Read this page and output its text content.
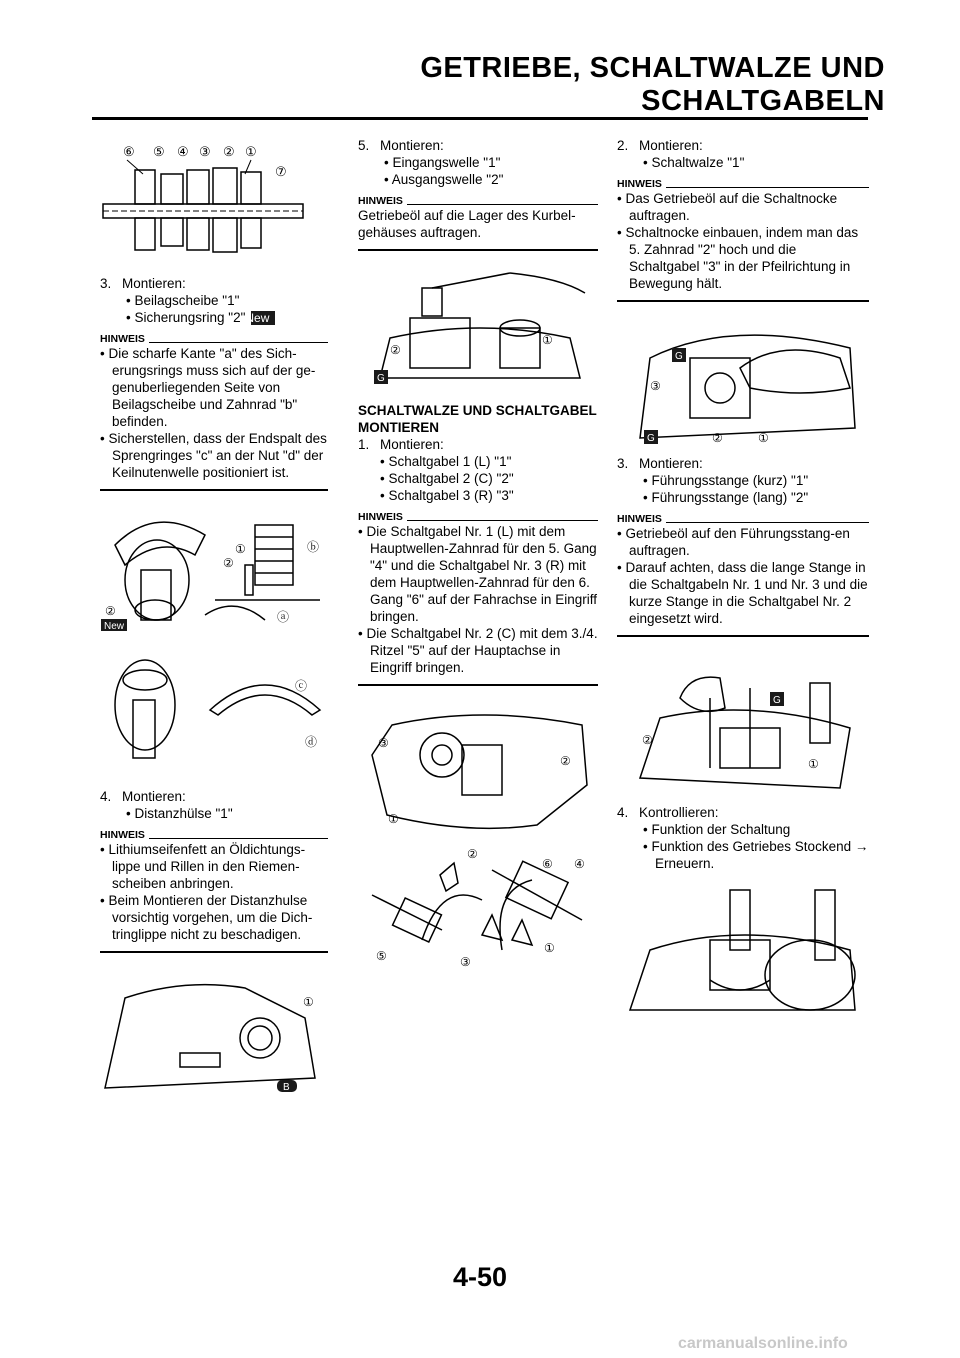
GETRIEBE, SCHALTWALZE UND SCHALTGABELN
⑥ ⑤ ④ ③ ② ①
⑦

3. Montieren:

• Beilagscheibe "1"

• Sicherungsring "2"New

HINWEIS

• Die scharfe Kante "a" des Sich-erungsrings muss sich auf der ge-genuberliegenden Seite von Beilagscheibe und Zahnrad "b" befinden.

• Sicherstellen, dass der Endspalt des Sprengringes "c" an der Nut "d" der Keilnutenwelle positioniert ist.

①
②
②
ⓑ
ⓐ
New
ⓒ
ⓓ

4. Montieren:

• Distanzhülse "1"

HINWEIS

• Lithiumseifenfett an Öldichtungs-lippe und Rillen in den Riemen-scheiben anbringen.

• Beim Montieren der Distanzhulse vorsichtig vorgehen, um die Dich-tringlippe nicht zu beschadigen.

①
B

5. Montieren:

• Eingangswelle "1"

• Ausgangswelle "2"

HINWEIS

Getriebeöl auf die Lager des Kurbel-gehäuses auftragen.

②
①
G

SCHALTWALZE UND SCHALTGABEL MONTIEREN

1. Montieren:

• Schaltgabel 1 (L) "1"

• Schaltgabel 2 (C) "2"

• Schaltgabel 3 (R) "3"

HINWEIS

• Die Schaltgabel Nr. 1 (L) mit dem Hauptwellen-Zahnrad für den 5. Gang "4" und die Schaltgabel Nr. 3 (R) mit dem Hauptwellen-Zahnrad für den 6. Gang "6" auf der Fahrachse in Eingriff bringen.

• Die Schaltgabel Nr. 2 (C) mit dem 3./4. Ritzel "5" auf der Hauptachse in Eingriff bringen.

③
②
①
②
⑥ ④
①
③
⑤

2. Montieren:

• Schaltwalze "1"

HINWEIS

• Das Getriebeöl auf die Schaltnocke auftragen.

• Schaltnocke einbauen, indem man das 5. Zahnrad "2" hoch und die Schaltgabel "3" in der Pfeilrichtung in Bewegung hält.

G
③
G	②	①

3. Montieren:

• Führungsstange (kurz) "1"

• Führungsstange (lang) "2"

HINWEIS

• Getriebeöl auf den Führungsstang-en auftragen.

• Darauf achten, dass die lange Stange in die Schaltgabeln Nr. 1 und Nr. 3 und die kurze Stange in die Schaltgabel Nr. 2 eingesetzt wird.

G
②
①

4. Kontrollieren:

• Funktion der Schaltung

• Funktion des Getriebes Stockend → Erneuern.

4-50
carmanualsonline.info
